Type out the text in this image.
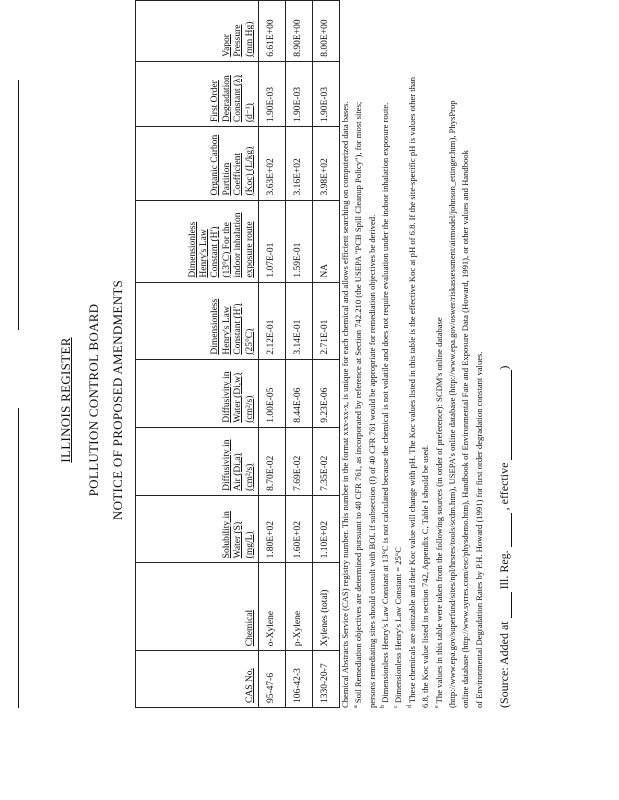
ILLINOIS REGISTER POLLUTION CONTROL BOARD NOTICE OF PROPOSED AMENDMENTS
CAS No.	Chemical	Solubility in Water (S) (mg/L)	Diffusivity in Air (Di,a) (cm²/s)	Diffusivity in Water (Di,w) (cm²/s)	Dimensionless Henry's Law Constant (H') (25°C)	Dimensionless Henry's Law Constant (H') (13°C) For the indoor inhalation exposure route	Organic Carbon Partition Coefficient (Koc) (L/kg)	First Order Degradation Constant (λ) (d⁻¹)	Vapor Pressure (mm Hg)
95-47-6	o-Xylene	1.80E+02	8.70E-02	1.00E-05	2.12E-01	1.07E-01	3.63E+02	1.90E-03	6.61E+00
106-42-3	p-Xylene	1.60E+02	7.69E-02	8.44E-06	3.14E-01	1.59E-01	3.16E+02	1.90E-03	8.90E+00
1330-20-7	Xylenes (total)	1.10E+02	7.35E-02	9.23E-06	2.71E-01	NA	3.98E+02	1.90E-03	8.00E+00
Chemical Abstracts Service (CAS) registry number. This number in the format xxx-xx-x, is unique for each chemical and allows efficient searching on computerized data bases. $^a$ Soil Remediation objectives are determined pursuant to 40 CFR 761, as incorporated by reference at Section 742.210 (the USEPA "PCB Spill Cleanup Policy"), for most sites; persons remediating sites should consult with BOL if subsection (f) of 40 CFR 761 would be appropriate for remediation objectives be derived. $^b$ Dimensionless Henry's Law Constant at 13°C is not calculated because the chemical is not volatile and does not require evaluation under the indoor inhalation exposure route.
$^c$ Dimensionless Henry's Law Constant = 25°C
$^d$ These chemicals are ionizable and their Koc value will change with pH. The Koc values listed in this table is the effective Koc at pH of 6.8. If the site-specific pH is values other than 6.8, the Koc value listed in section 742, Appendix C, Table I should be used. $^e$ The values in this table were taken from the following sources (in order of preference): SCDM's online database (http://www.epa.gov/superfund/sites/npl/hrsres/tools/scdm.htm), USEPA's online database (http://www.epa.gov/oswer/riskassessment/airmodel/johnson_ettinger.htm), PhysProp online database (http://www.syrres.com/esc/physdemo.htm), Handbook of Environmental Fate and Exposure Data (Howard, 1991), or other values and Handbook of Environmental Degradation Rates by P.H. Howard (1991) for first order degradation constant values. (Source: Added at  Ill. Reg.  , effective )
